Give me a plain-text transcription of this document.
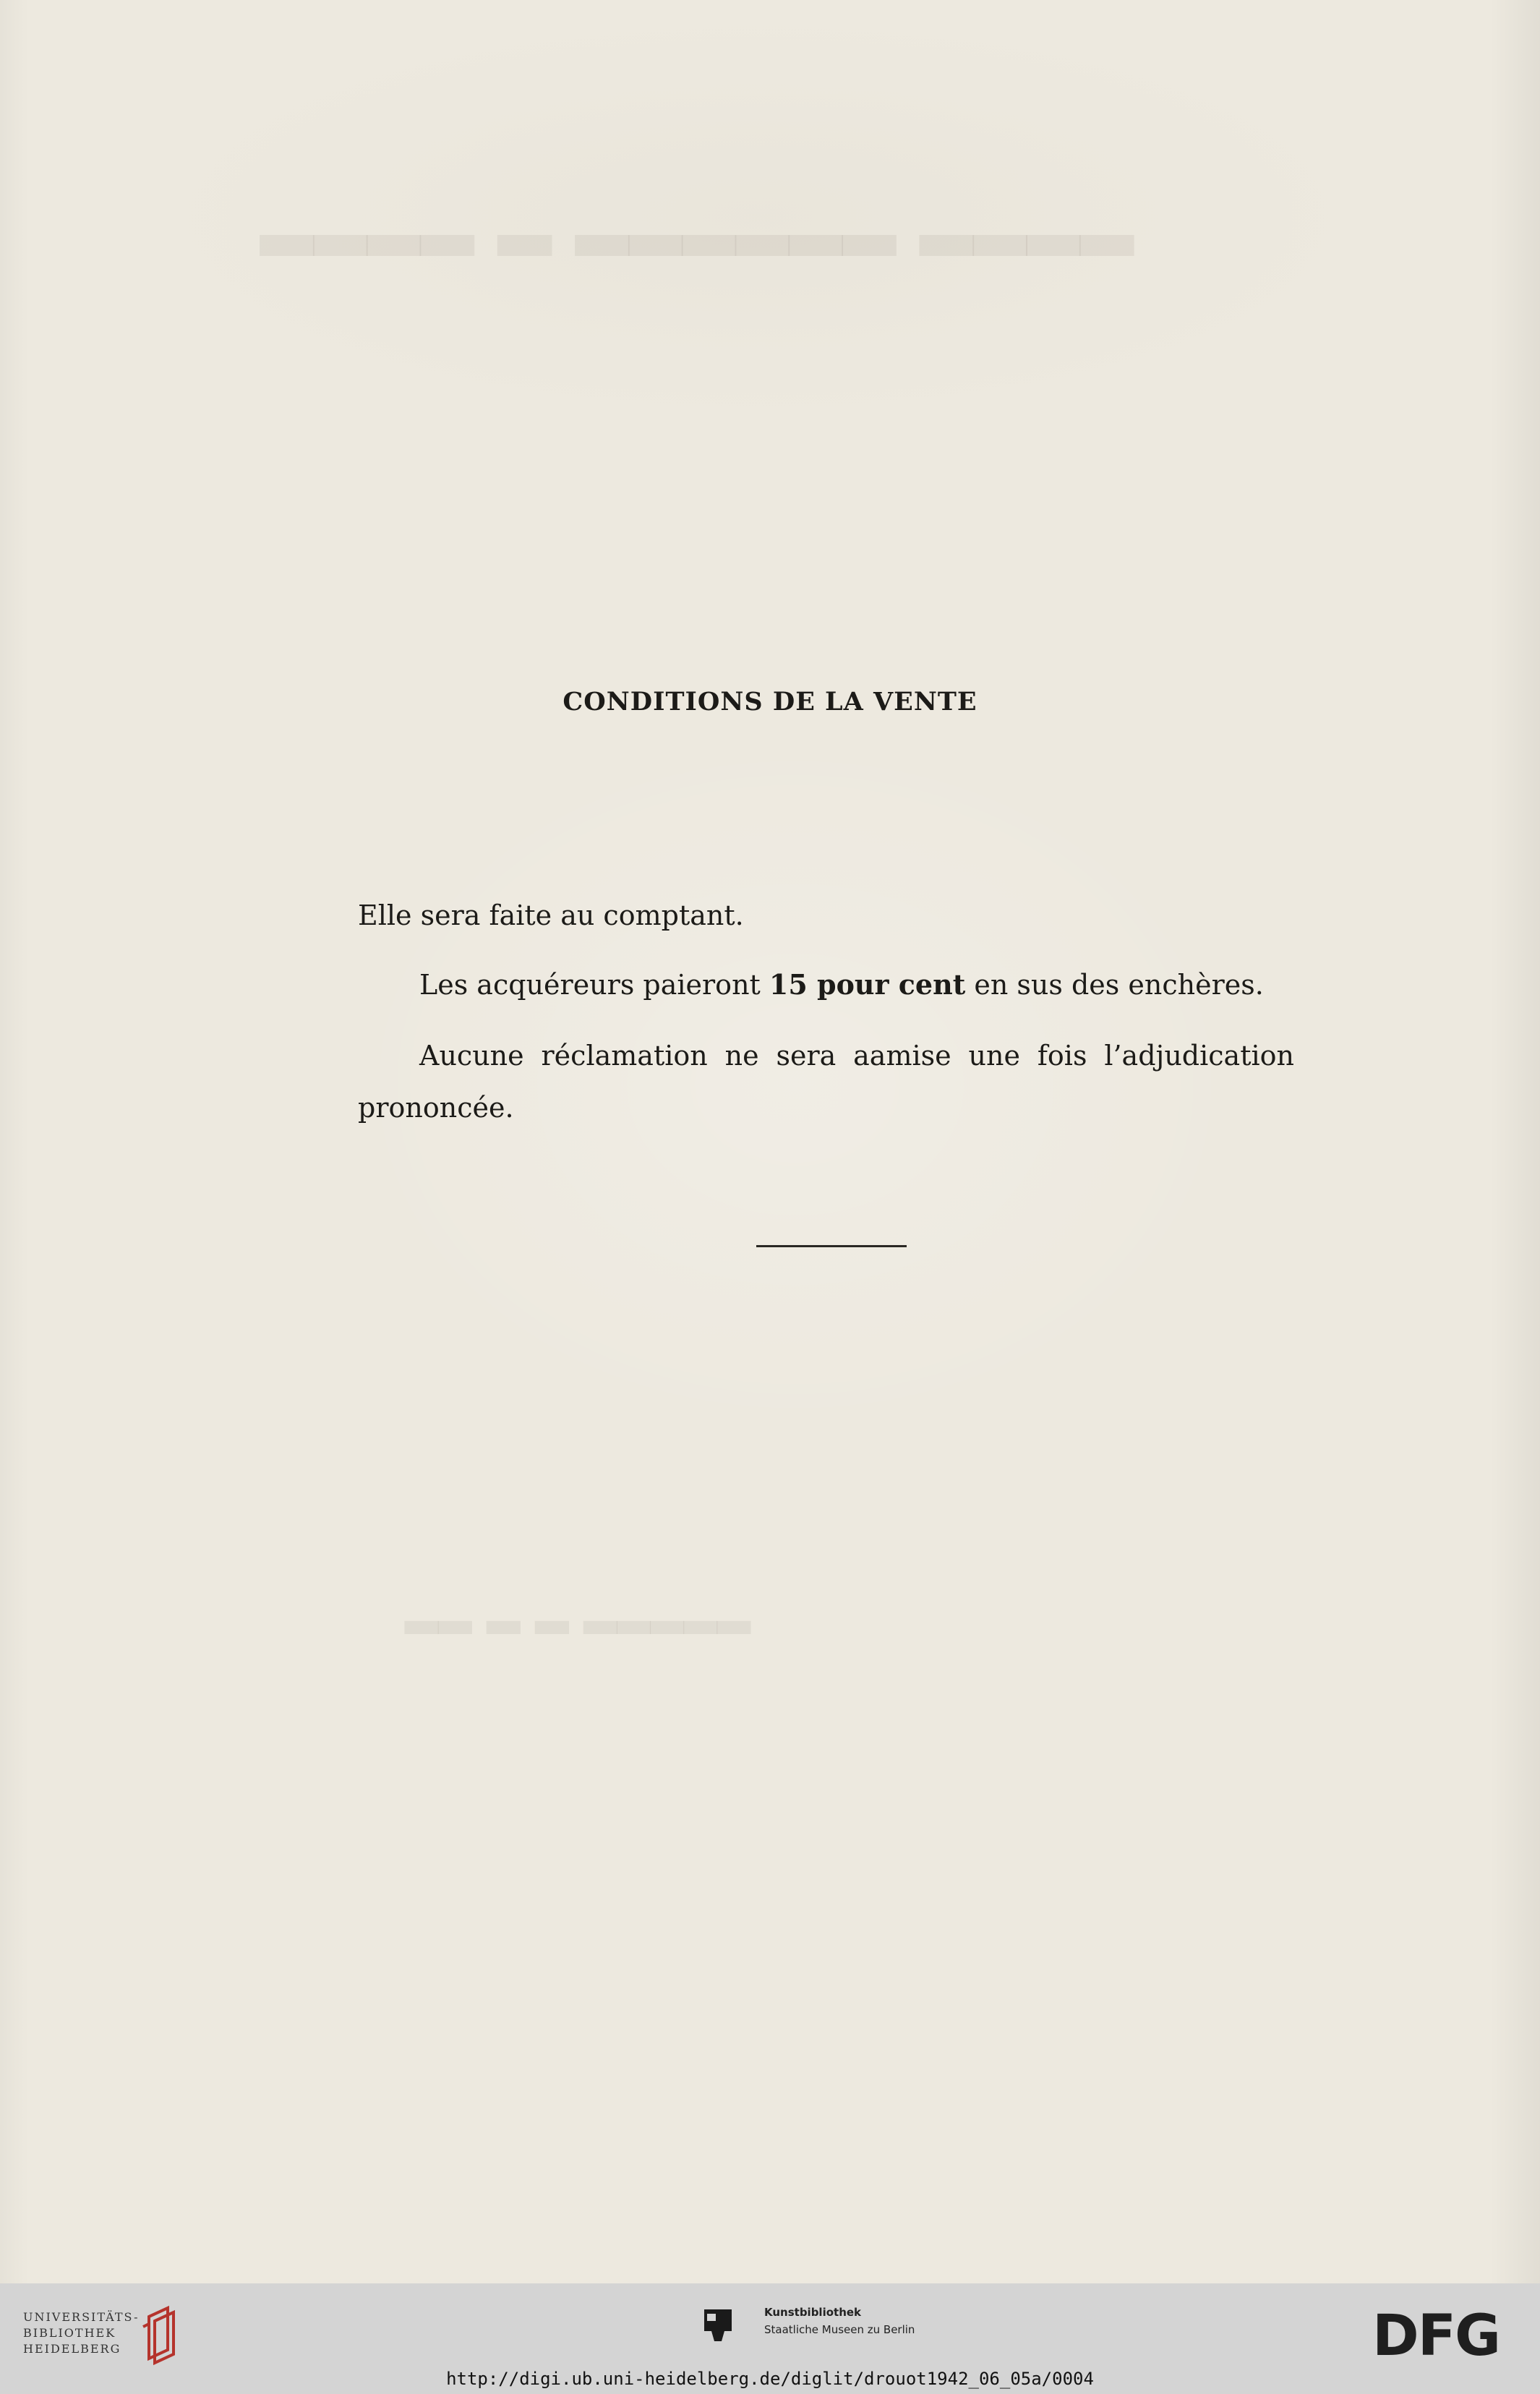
▂▂▂▂ ▂ ▂▂▂▂▂▂ ▂▂▂▂
▂▂ ▂ ▂ ▂▂▂▂▂
CONDITIONS DE LA VENTE

Elle sera faite au comptant.

Les acquéreurs paieront 15 pour cent en sus des enchères.

Aucune réclamation ne sera aamise une fois l’adjudication prononcée.

UNIVERSITÄTS-
BIBLIOTHEK
HEIDELBERG
Kunstbibliothek
Staatliche Museen zu Berlin	DFG
http://digi.ub.uni-heidelberg.de/diglit/drouot1942_06_05a/0004
